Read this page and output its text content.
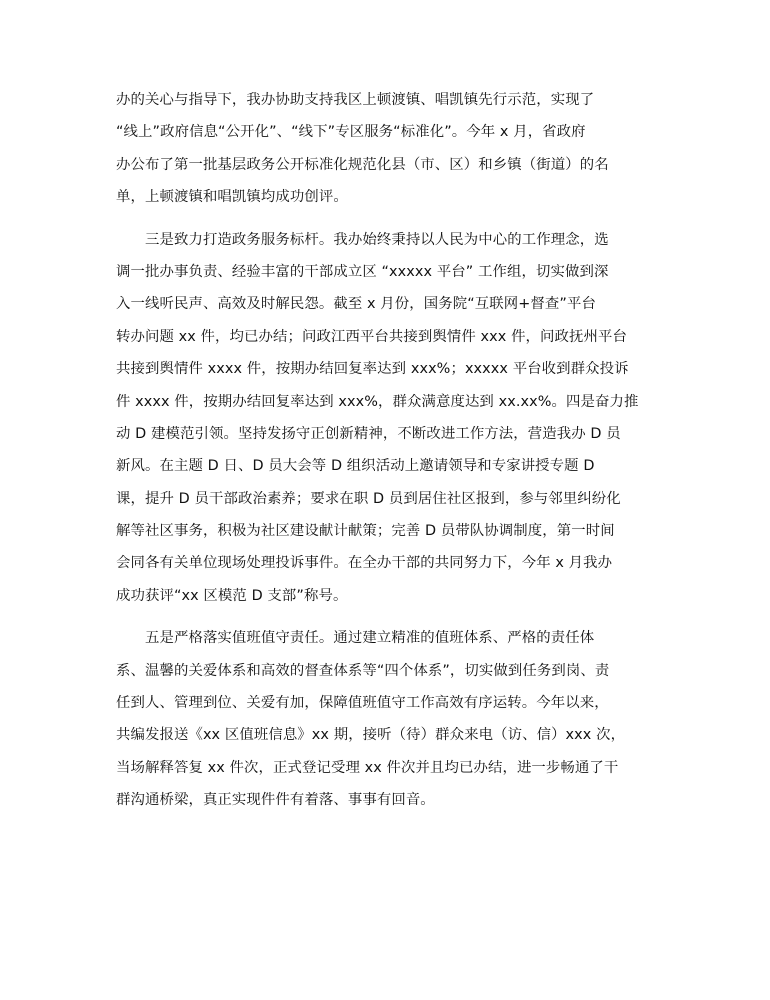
办的关心与指导下，我办协助支持我区上顿渡镇、唱凯镇先行示范，实现了
“线上”政府信息“公开化”、“线下”专区服务“标准化”。今年 x 月，省政府
办公布了第一批基层政务公开标准化规范化县（市、区）和乡镇（街道）的名
单，上顿渡镇和唱凯镇均成功创评。
　　三是致力打造政务服务标杆。我办始终秉持以人民为中心的工作理念，选
调一批办事负责、经验丰富的干部成立区 “xxxxx 平台” 工作组，切实做到深
入一线听民声、高效及时解民怨。截至 x 月份，国务院“互联网+督查”平台
转办问题 xx 件，均已办结；问政江西平台共接到舆情件 xxx 件，问政抚州平台
共接到舆情件 xxxx 件，按期办结回复率达到 xxx%；xxxxx 平台收到群众投诉
件 xxxx 件，按期办结回复率达到 xxx%，群众满意度达到 xx.xx%。四是奋力推
动 D 建模范引领。坚持发扬守正创新精神，不断改进工作方法，营造我办 D 员
新风。在主题 D 日、D 员大会等 D 组织活动上邀请领导和专家讲授专题 D
课，提升 D 员干部政治素养；要求在职 D 员到居住社区报到，参与邻里纠纷化
解等社区事务，积极为社区建设献计献策；完善 D 员带队协调制度，第一时间
会同各有关单位现场处理投诉事件。在全办干部的共同努力下，今年 x 月我办
成功获评“xx 区模范 D 支部”称号。
　　五是严格落实值班值守责任。通过建立精准的值班体系、严格的责任体
系、温馨的关爱体系和高效的督查体系等“四个体系”，切实做到任务到岗、责
任到人、管理到位、关爱有加，保障值班值守工作高效有序运转。今年以来，
共编发报送《xx 区值班信息》xx 期，接听（待）群众来电（访、信）xxx 次，
当场解释答复 xx 件次，正式登记受理 xx 件次并且均已办结，进一步畅通了干
群沟通桥梁，真正实现件件有着落、事事有回音。
